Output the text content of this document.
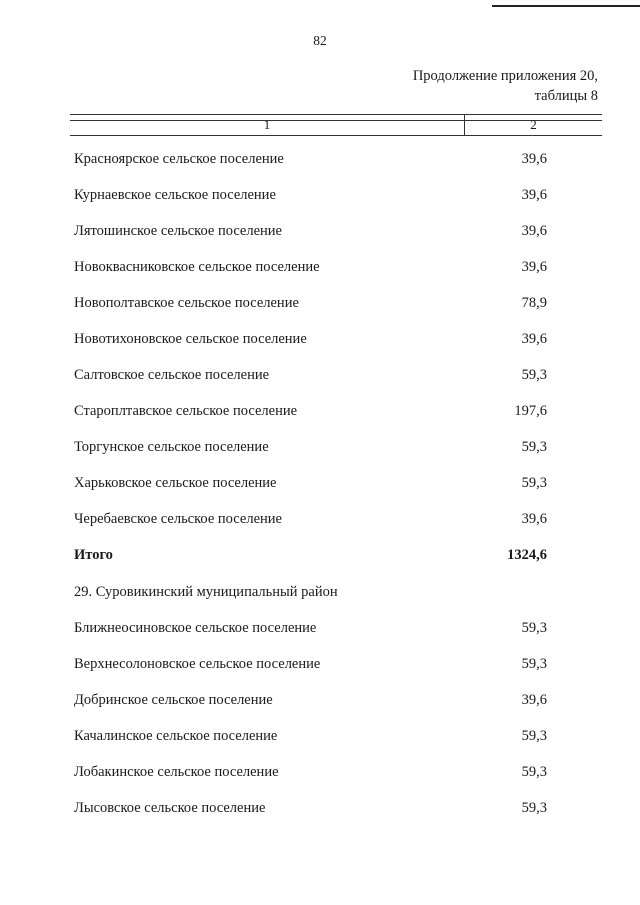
82
Продолжение приложения 20,
таблицы 8
1	2
Красноярское сельское поселение	39,6
Курнаевское сельское поселение	39,6
Лятошинское сельское поселение	39,6
Новоквасниковское сельское поселение	39,6
Новополтавское сельское поселение	78,9
Новотихоновское сельское поселение	39,6
Салтовское сельское поселение	59,3
Староплтавское сельское поселение	197,6
Торгунское сельское поселение	59,3
Харьковское сельское поселение	59,3
Черебаевское сельское поселение	39,6
Итого	1324,6
29. Суровикинский муниципальный район
Ближнеосиновское сельское поселение	59,3
Верхнесолоновское сельское поселение	59,3
Добринское сельское поселение	39,6
Качалинское сельское поселение	59,3
Лобакинское сельское поселение	59,3
Лысовское сельское поселение	59,3
